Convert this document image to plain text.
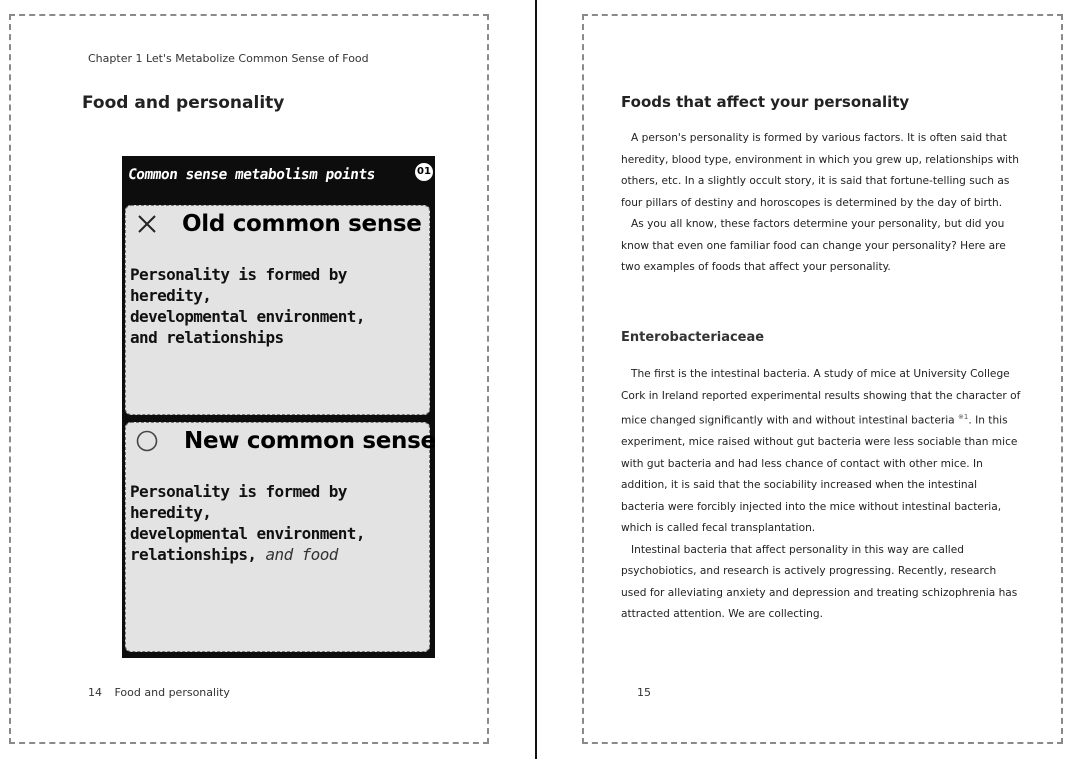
Chapter 1 Let's Metabolize Common Sense of Food
Food and personality
Common sense metabolism points	01
Old common sense

Personality is formed by
heredity,
developmental environment,
and relationships

New common sense

Personality is formed by
heredity,
developmental environment,
relationships, and food

14 Food and personality
Foods that affect your personality

A person's personality is formed by various factors. It is often said that heredity, blood type, environment in which you grew up, relationships with others, etc. In a slightly occult story, it is said that fortune-telling such as four pillars of destiny and horoscopes is determined by the day of birth.
As you all know, these factors determine your personality, but did you know that even one familiar food can change your personality? Here are two examples of foods that affect your personality.

Enterobacteriaceae

The first is the intestinal bacteria. A study of mice at University College Cork in Ireland reported experimental results showing that the character of mice changed significantly with and without intestinal bacteria $^{※1}$. In this experiment, mice raised without gut bacteria were less sociable than mice with gut bacteria and had less chance of contact with other mice. In addition, it is said that the sociability increased when the intestinal bacteria were forcibly injected into the mice without intestinal bacteria, which is called fecal transplantation.
Intestinal bacteria that affect personality in this way are called psychobiotics, and research is actively progressing. Recently, research used for alleviating anxiety and depression and treating schizophrenia has attracted attention. We are collecting.

15
